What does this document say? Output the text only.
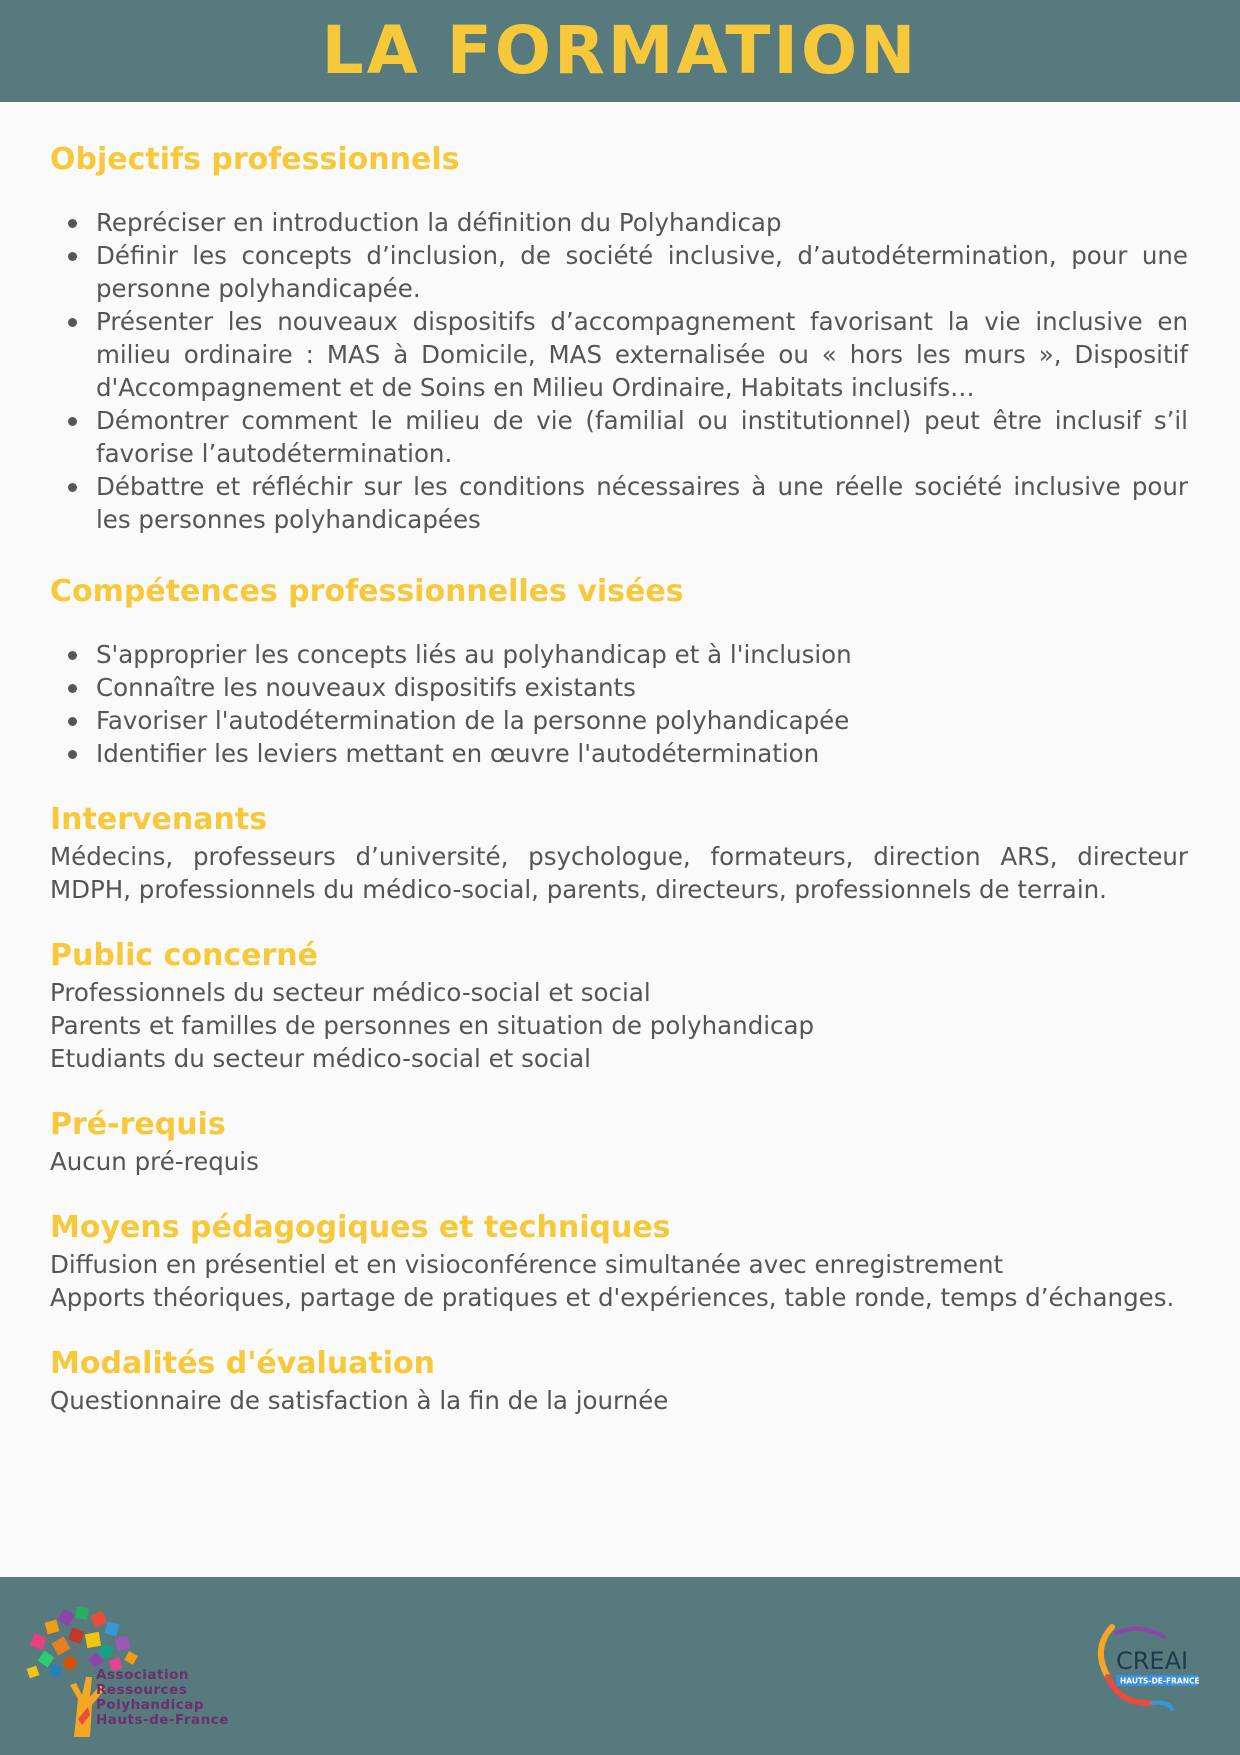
LA FORMATION
Objectifs professionnels
Repréciser en introduction la définition du Polyhandicap
Définir les concepts d’inclusion, de société inclusive, d’autodétermination, pour une personne polyhandicapée.
Présenter les nouveaux dispositifs d’accompagnement favorisant la vie inclusive en milieu ordinaire : MAS à Domicile, MAS externalisée ou « hors les murs », Dispositif d'Accompagnement et de Soins en Milieu Ordinaire, Habitats inclusifs…
Démontrer comment le milieu de vie (familial ou institutionnel) peut être inclusif s’il favorise l’autodétermination.
Débattre et réfléchir sur les conditions nécessaires à une réelle société inclusive pour les personnes polyhandicapées
Compétences professionnelles visées
S'approprier les concepts liés au polyhandicap et à l'inclusion
Connaître les nouveaux dispositifs existants
Favoriser l'autodétermination de la personne polyhandicapée
Identifier les leviers mettant en œuvre l'autodétermination
Intervenants

Médecins, professeurs d’université, psychologue, formateurs, direction ARS, directeur MDPH, professionnels du médico-social, parents, directeurs, professionnels de terrain.

Public concerné

Professionnels du secteur médico-social et social

Parents et familles de personnes en situation de polyhandicap

Etudiants du secteur médico-social et social

Pré-requis

Aucun pré-requis

Moyens pédagogiques et techniques

Diffusion en présentiel et en visioconférence simultanée avec enregistrement

Apports théoriques, partage de pratiques et d'expériences, table ronde, temps d’échanges.

Modalités d'évaluation

Questionnaire de satisfaction à la fin de la journée

Association
Ressources
Polyhandicap
Hauts-de-France
CREAI
HAUTS-DE-FRANCE
